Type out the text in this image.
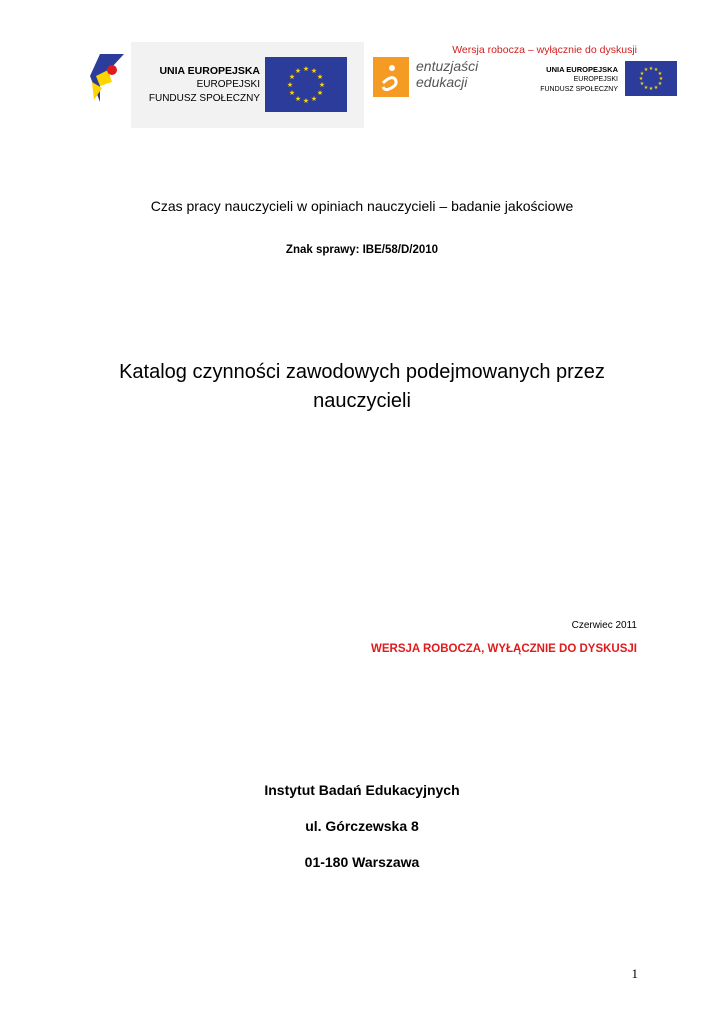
Wersja robocza – wyłącznie do dyskusji
UNIA EUROPEJSKA
EUROPEJSKI
FUNDUSZ SPOŁECZNY
★ ★
★
★
★
★
★
★
★
★
★
★	entuzjaści
edukacji
UNIA EUROPEJSKA
EUROPEJSKI
FUNDUSZ SPOŁECZNY
★ ★
★
★
★
★
★
★
★
★
★
★
Czas pracy nauczycieli w opiniach nauczycieli – badanie jakościowe
Znak sprawy: IBE/58/D/2010
Katalog czynności zawodowych podejmowanych przez
nauczycieli
Czerwiec 2011
WERSJA ROBOCZA, WYŁĄCZNIE DO DYSKUSJI
Instytut Badań Edukacyjnych
ul. Górczewska 8
01-180 Warszawa
1
